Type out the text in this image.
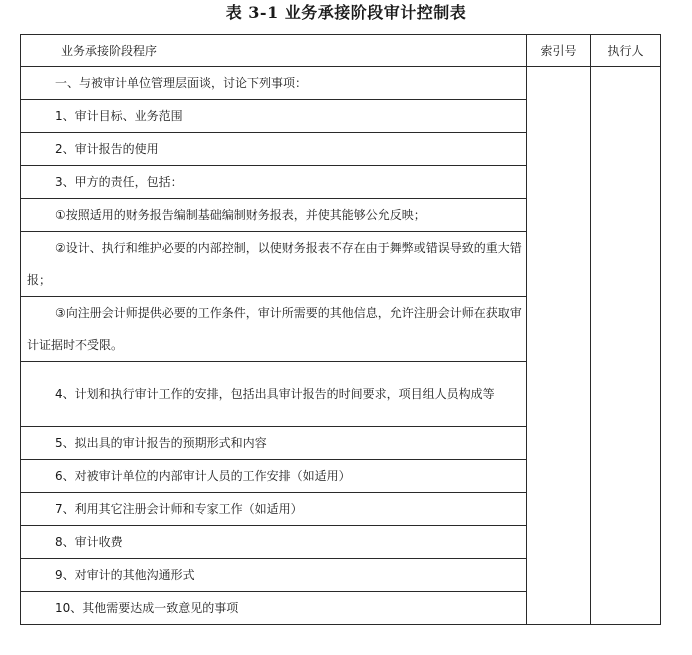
表 3-1 业务承接阶段审计控制表
业务承接阶段程序	索引号	执行人
一、与被审计单位管理层面谈，讨论下列事项：		
1、审计目标、业务范围		
2、审计报告的使用		
3、甲方的责任，包括：		
①按照适用的财务报告编制基础编制财务报表，并使其能够公允反映；		
②设计、执行和维护必要的内部控制，以使财务报表不存在由于舞弊或错误导致的重大错报；		
③向注册会计师提供必要的工作条件，审计所需要的其他信息，允许注册会计师在获取审计证据时不受限。		
4、计划和执行审计工作的安排，包括出具审计报告的时间要求，项目组人员构成等		
5、拟出具的审计报告的预期形式和内容		
6、对被审计单位的内部审计人员的工作安排（如适用）		
7、利用其它注册会计师和专家工作（如适用）		
8、审计收费		
9、对审计的其他沟通形式		
10、其他需要达成一致意见的事项		
